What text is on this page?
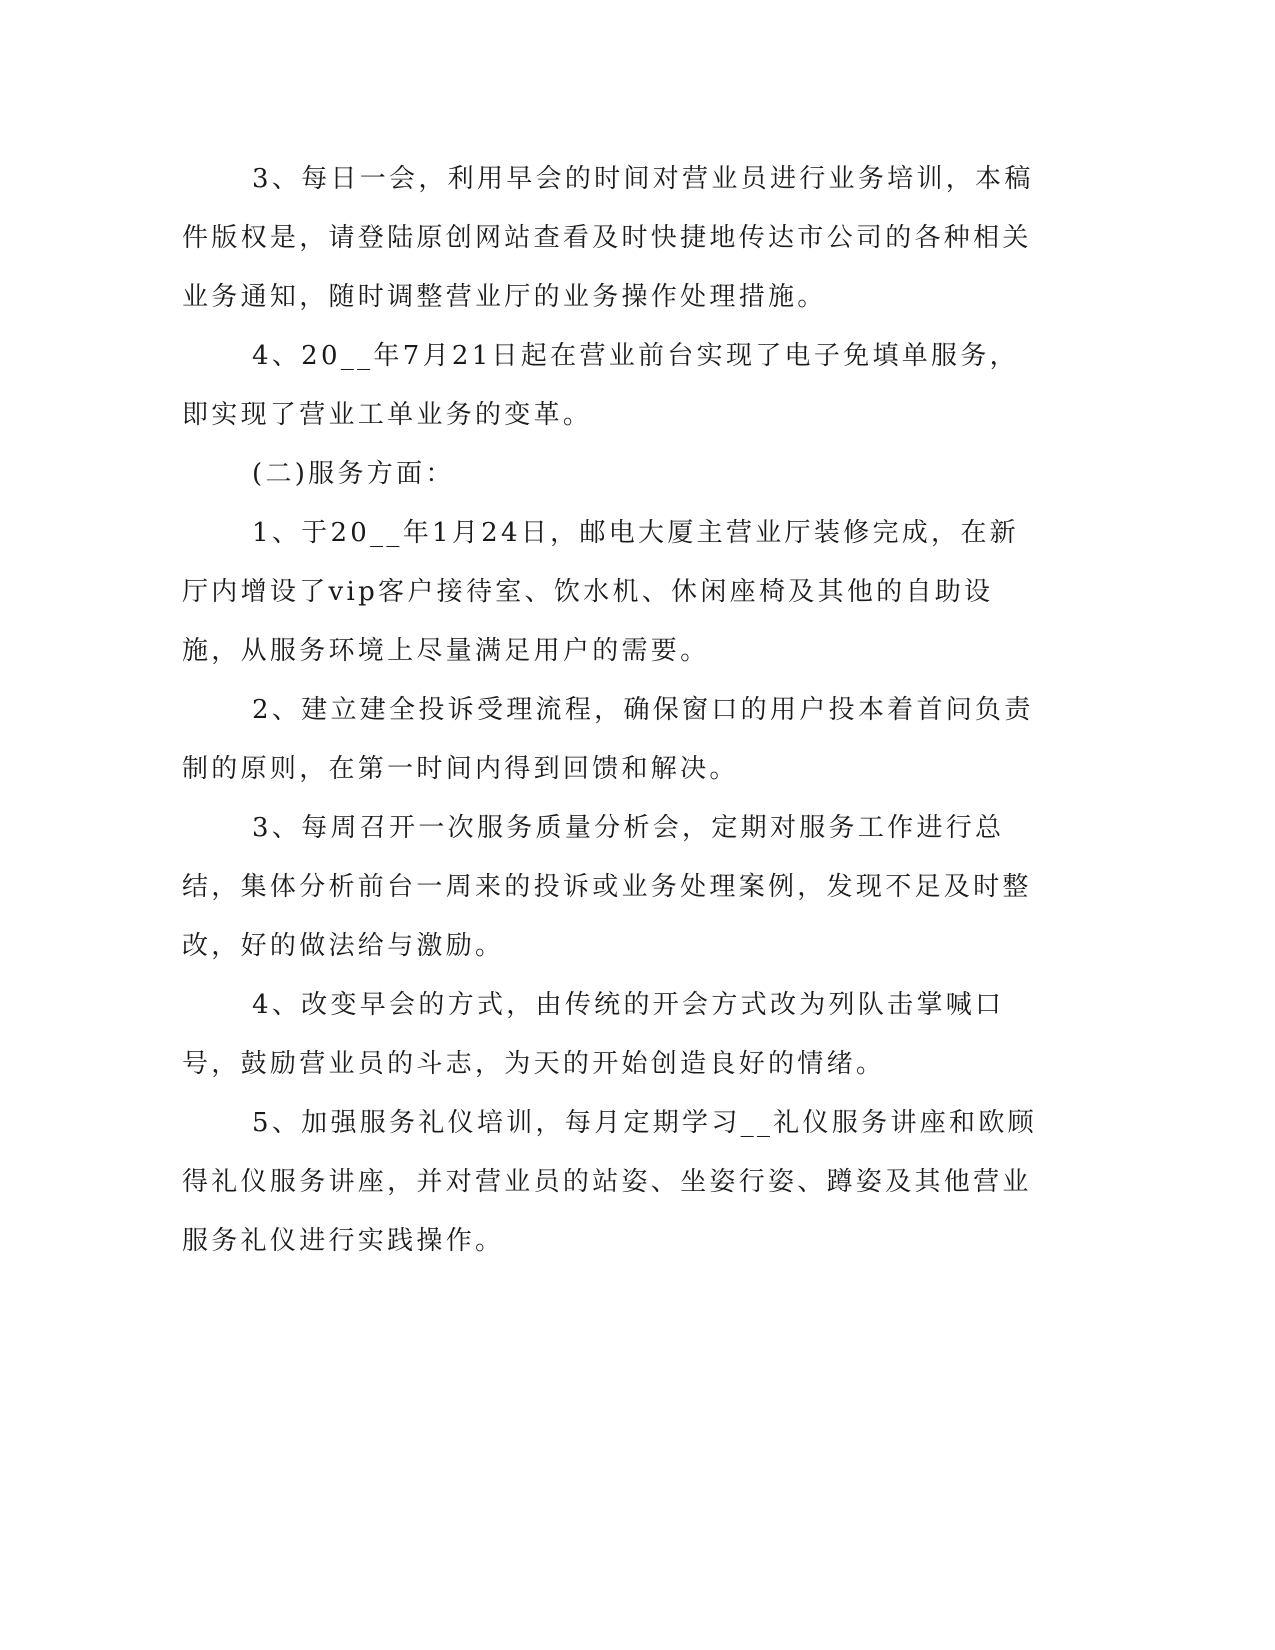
3、每日一会，利用早会的时间对营业员进行业务培训，本稿件版权是，请登陆原创网站查看及时快捷地传达市公司的各种相关业务通知，随时调整营业厅的业务操作处理措施。

4、20__年7月21日起在营业前台实现了电子免填单服务，即实现了营业工单业务的变革。

(二)服务方面：

1、于20__年1月24日，邮电大厦主营业厅装修完成，在新厅内增设了vip客户接待室、饮水机、休闲座椅及其他的自助设施，从服务环境上尽量满足用户的需要。

2、建立建全投诉受理流程，确保窗口的用户投本着首问负责制的原则，在第一时间内得到回馈和解决。

3、每周召开一次服务质量分析会，定期对服务工作进行总结，集体分析前台一周来的投诉或业务处理案例，发现不足及时整改，好的做法给与激励。

4、改变早会的方式，由传统的开会方式改为列队击掌喊口号，鼓励营业员的斗志，为天的开始创造良好的情绪。

5、加强服务礼仪培训，每月定期学习__礼仪服务讲座和欧顾得礼仪服务讲座，并对营业员的站姿、坐姿行姿、蹲姿及其他营业服务礼仪进行实践操作。
